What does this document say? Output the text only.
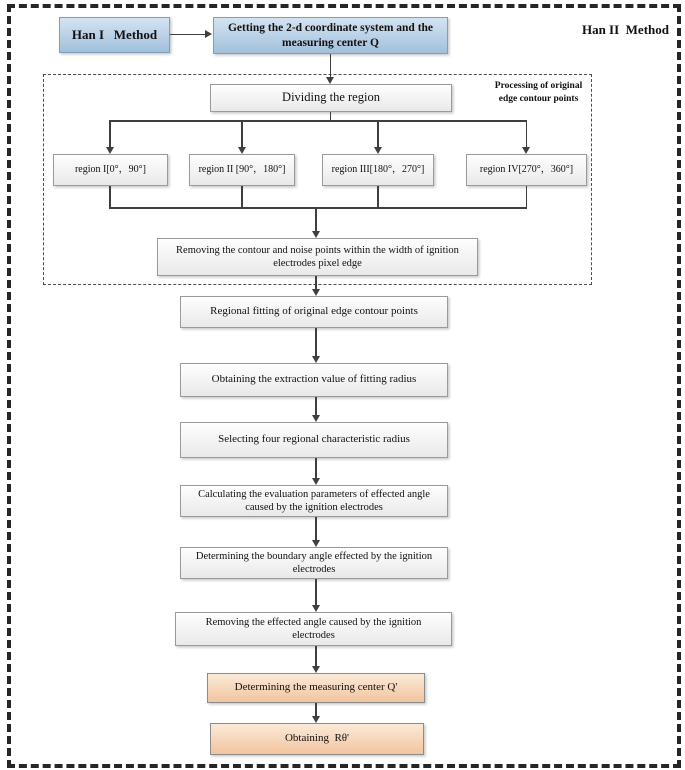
Han I   Method	Getting the 2-d coordinate system and the measuring center Q
Han II  Method
Dividing the region
Processing of original edge contour points
region I[0°，90°]	region II [90°，180°]	region III[180°，270°]	region IV[270°，360°]
Removing the contour and noise points within the width of ignition electrodes pixel edge
Regional fitting of original edge contour points
Obtaining the extraction value of fitting radius
Selecting four regional characteristic radius
Calculating the evaluation parameters of effected angle caused by the ignition electrodes
Determining the boundary angle effected by the ignition electrodes
Removing the effected angle caused by the ignition electrodes
Determining the measuring center Q'
Obtaining  Rθ'
